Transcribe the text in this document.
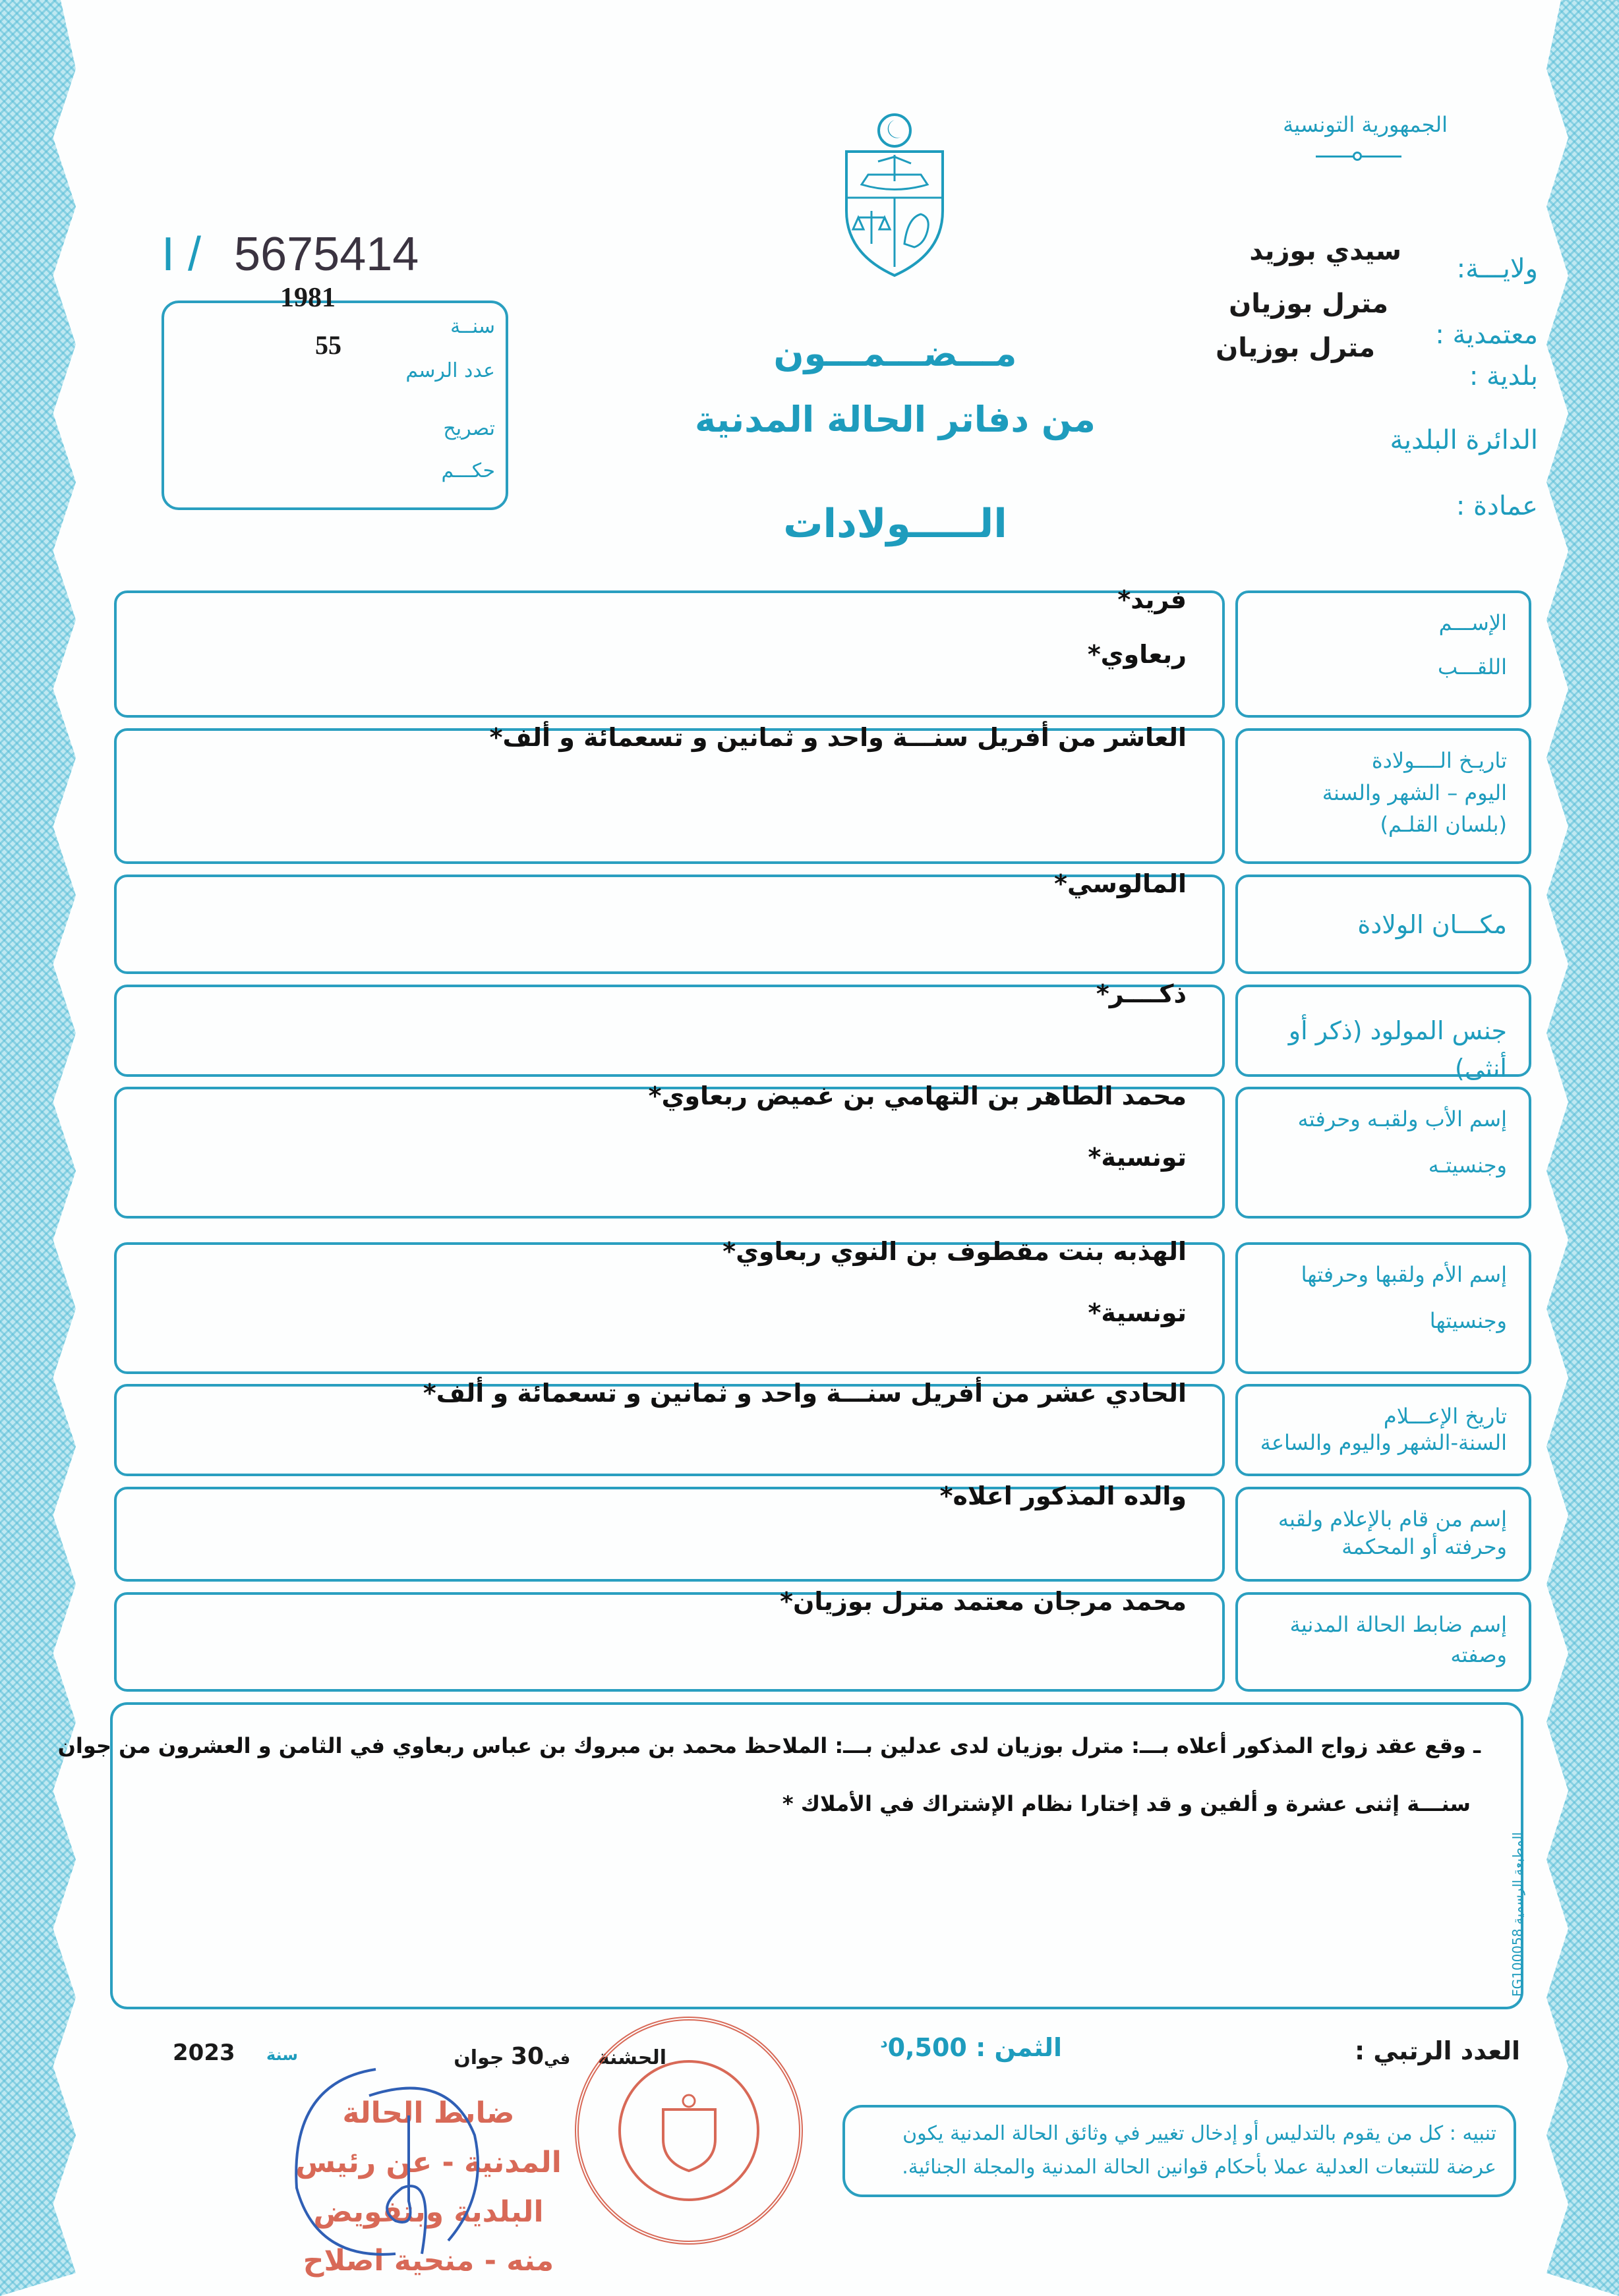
الجمهورية التونسية
ولايـــة:
سيدي بوزيد
معتمدية :
مترل بوزيان
بلدية :
مترل بوزيان
الدائرة البلدية
عمادة :
I / 5675414
1981
سنــة
55
عدد الرسم
تصريح
حكـــم
مـــضـــمـــون
من دفاتر الحالة المدنية
الـــــولادات
الإســـم
اللقـــب
فريد*
ربعاوي*
تاريـخ الــــولادة
اليوم – الشهر والسنة
(بلسان القلـم)
العاشر من أفريل سنـــة واحد و ثمانين و تسعمائة و ألف*
مكـــان الولادة
المالوسي*
جنس المولود (ذكر أو أنثى)
ذكــــر*
إسم الأب ولقبـه وحرفته
وجنسيتـه
محمد الطاهر بن التهامي بن غميض ربعاوي*
تونسية*
إسم الأم ولقبها وحرفتها
وجنسيتها
الهذبه بنت مقطوف بن النوي ربعاوي*
تونسية*
تاريخ الإعـــلام
السنة-الشهر واليوم والساعة
الحادي عشر من أفريل سنـــة واحد و ثمانين و تسعمائة و ألف*
إسم من قام بالإعلام ولقبه
وحرفته أو المحكمة
والده المذكور اعلاه*
إسم ضابط الحالة المدنية
وصفته
محمد مرجان معتمد مترل بوزيان*
ـ وقع عقد زواج المذكور أعلاه بـــ: مترل بوزيان لدى عدلين بـــ: الملاحظ محمد بن مبروك بن عباس ربعاوي في الثامن و العشرون من جوان
سنـــة إثنى عشرة و ألفين و قد إختارا نظام الإشتراك في الأملاك *
المطبعة الرسمية FG100058
العدد الرتبي :
الثمن : $0,500^د$
الحشنة    في30 جوان
سنة    2023
تنبيه : كل من يقوم بالتدليس أو إدخال تغيير في وثائق الحالة المدنية يكون عرضة للتتبعات العدلية عملا بأحكام قوانين الحالة المدنية والمجلة الجنائية.
ضابط الحالة المدنية - عن رئيس البلدية وبتفويض منه - منحية اصلاح
